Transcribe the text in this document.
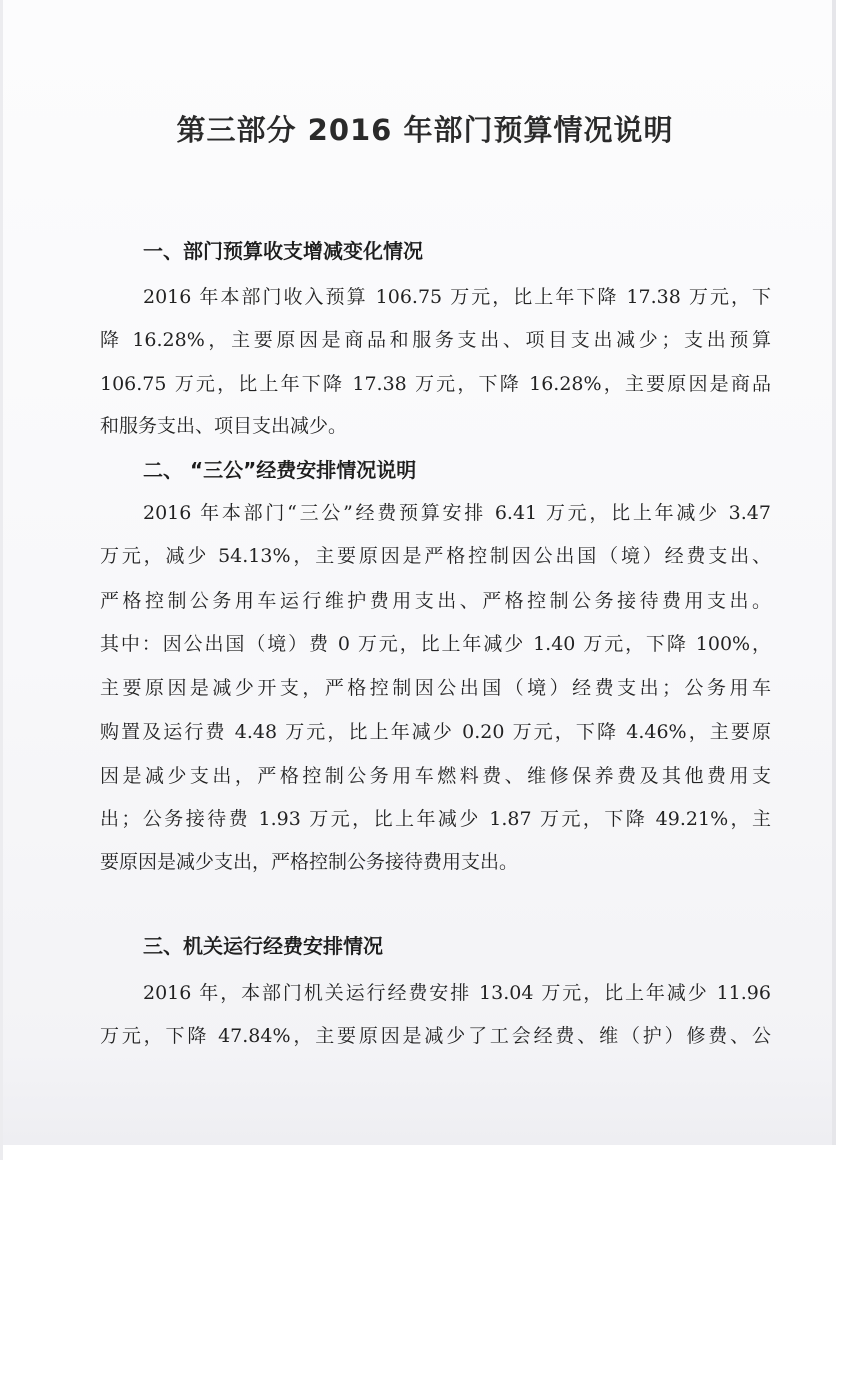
第三部分 2016 年部门预算情况说明
一、部门预算收支增减变化情况

2016 年本部门收入预算 106.75 万元，比上年下降 17.38 万元，下

降 16.28%，主要原因是商品和服务支出、项目支出减少；支出预算

106.75 万元，比上年下降 17.38 万元，下降 16.28%，主要原因是商品

和服务支出、项目支出减少。

二、 “三公”经费安排情况说明

2016 年本部门“三公”经费预算安排 6.41 万元，比上年减少 3.47

万元，减少 54.13%，主要原因是严格控制因公出国（境）经费支出、

严格控制公务用车运行维护费用支出、严格控制公务接待费用支出。

其中：因公出国（境）费 0 万元，比上年减少 1.40 万元，下降 100%，

主要原因是减少开支，严格控制因公出国（境）经费支出；公务用车

购置及运行费 4.48 万元，比上年减少 0.20 万元，下降 4.46%，主要原

因是减少支出，严格控制公务用车燃料费、维修保养费及其他费用支

出；公务接待费 1.93 万元，比上年减少 1.87 万元，下降 49.21%，主

要原因是减少支出，严格控制公务接待费用支出。

三、机关运行经费安排情况

2016 年，本部门机关运行经费安排 13.04 万元，比上年减少 11.96

万元，下降 47.84%，主要原因是减少了工会经费、维（护）修费、公
